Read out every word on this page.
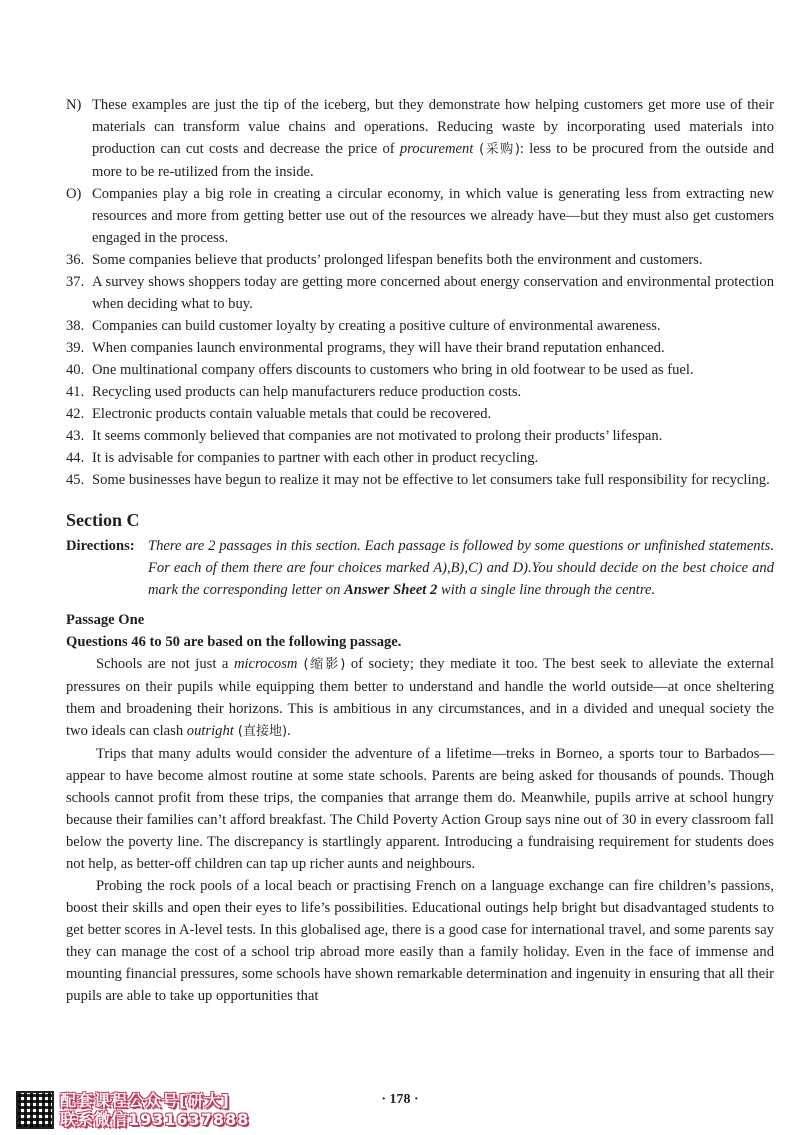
N) These examples are just the tip of the iceberg, but they demonstrate how helping customers get more use of their materials can transform value chains and operations. Reducing waste by incorporating used materials into production can cut costs and decrease the price of procurement (采购): less to be procured from the outside and more to be re-utilized from the inside.

O) Companies play a big role in creating a circular economy, in which value is generating less from extracting new resources and more from getting better use out of the resources we already have—but they must also get customers engaged in the process.

36. Some companies believe that products’ prolonged lifespan benefits both the environment and customers.

37. A survey shows shoppers today are getting more concerned about energy conservation and environmental protection when deciding what to buy.

38. Companies can build customer loyalty by creating a positive culture of environmental awareness.

39. When companies launch environmental programs, they will have their brand reputation enhanced.

40. One multinational company offers discounts to customers who bring in old footwear to be used as fuel.

41. Recycling used products can help manufacturers reduce production costs.

42. Electronic products contain valuable metals that could be recovered.

43. It seems commonly believed that companies are not motivated to prolong their products’ lifespan.

44. It is advisable for companies to partner with each other in product recycling.

45. Some businesses have begun to realize it may not be effective to let consumers take full responsibility for recycling.

Section C
Directions: There are 2 passages in this section. Each passage is followed by some questions or unfinished statements. For each of them there are four choices marked A),B),C) and D).You should decide on the best choice and mark the corresponding letter on Answer Sheet 2 with a single line through the centre.
Passage One
Questions 46 to 50 are based on the following passage.

Schools are not just a microcosm (缩影) of society; they mediate it too. The best seek to alleviate the external pressures on their pupils while equipping them better to understand and handle the world outside—at once sheltering them and broadening their horizons. This is ambitious in any circumstances, and in a divided and unequal society the two ideals can clash outright (直接地).

Trips that many adults would consider the adventure of a lifetime—treks in Borneo, a sports tour to Barbados—appear to have become almost routine at some state schools. Parents are being asked for thousands of pounds. Though schools cannot profit from these trips, the companies that arrange them do. Meanwhile, pupils arrive at school hungry because their families can’t afford breakfast. The Child Poverty Action Group says nine out of 30 in every classroom fall below the poverty line. The discrepancy is startlingly apparent. Introducing a fundraising requirement for students does not help, as better-off children can tap up richer aunts and neighbours.

Probing the rock pools of a local beach or practising French on a language exchange can fire children’s passions, boost their skills and open their eyes to life’s possibilities. Educational outings help bright but disadvantaged students to get better scores in A-level tests. In this globalised age, there is a good case for international travel, and some parents say they can manage the cost of a school trip abroad more easily than a family holiday. Even in the face of immense and mounting financial pressures, some schools have shown remarkable determination and ingenuity in ensuring that all their pupils are able to take up opportunities that

· 178 ·
配套课程公众号[研大]
联系微信1931637888
